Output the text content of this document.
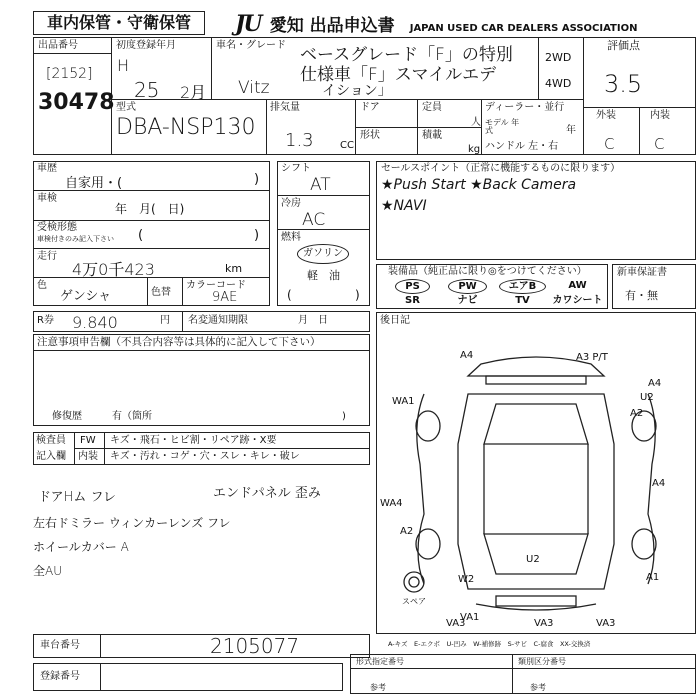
車内保管・守衛保管	JU 愛知 出品申込書 JAPAN USED CAR DEALERS ASSOCIATION
出品番号
[2152]
30478
初度登録年月
H
25 2月
車名・グレード ベースグレード「F」の特別
仕様車「F」スマイルエデ
イション」
Vitz
2WD
4WD
評価点
3.5
外装	内装
C	C
型式
DBA-NSP130
排気量
1.3	CC
ドア	定員
人
形状	積載
kg
ディーラー・並行
モデル 年式	年
ハンドル 左・右
車歴
自家用・(	)
車検
年　月(　日)
受検形態
車検付きのみ記入下さい (	)
走行
4万0千423	km
色
ゲンシャ	色替
カラーコード
9AE
R券 9.840	円 名変通知期限	月　日
シフト
AT
冷房
AC
燃料
ガソリン
軽　油
(	)
セールスポイント（正常に機能するものに限ります）
★Push Start ★Back Camera
★NAVI
装備品（純正品に限り◎をつけてください）
PS	PW	エアB	AW
SR	ナビ	TV	カワシート
新車保証書
有・無
注意事項申告欄（不具合内容等は具体的に記入して下さい）
修復歴	有（箇所	)
後日記
検査員
記入欄
FW キズ・飛石・ヒビ割・リペア跡・X要
内装 キズ・汚れ・コゲ・穴・スレ・キレ・破レ
ドアHム フレ	エンドパネル 歪み
左右ドミラー ウィンカーレンズ フレ
ホイールカバー A
全AU
A4	A3 P/T
A4
U2
WA1
A2
WA4
A2
A4
W2
U2
A1
VA3	VA3	VA3
VA1
スペア
A-キズ　E-エクボ　U-凹み　W-補修跡　S-サビ　C-腐食　XX-交換済
車台番号	2105077
登録番号
形式指定番号	類別区分番号
参考	参考
